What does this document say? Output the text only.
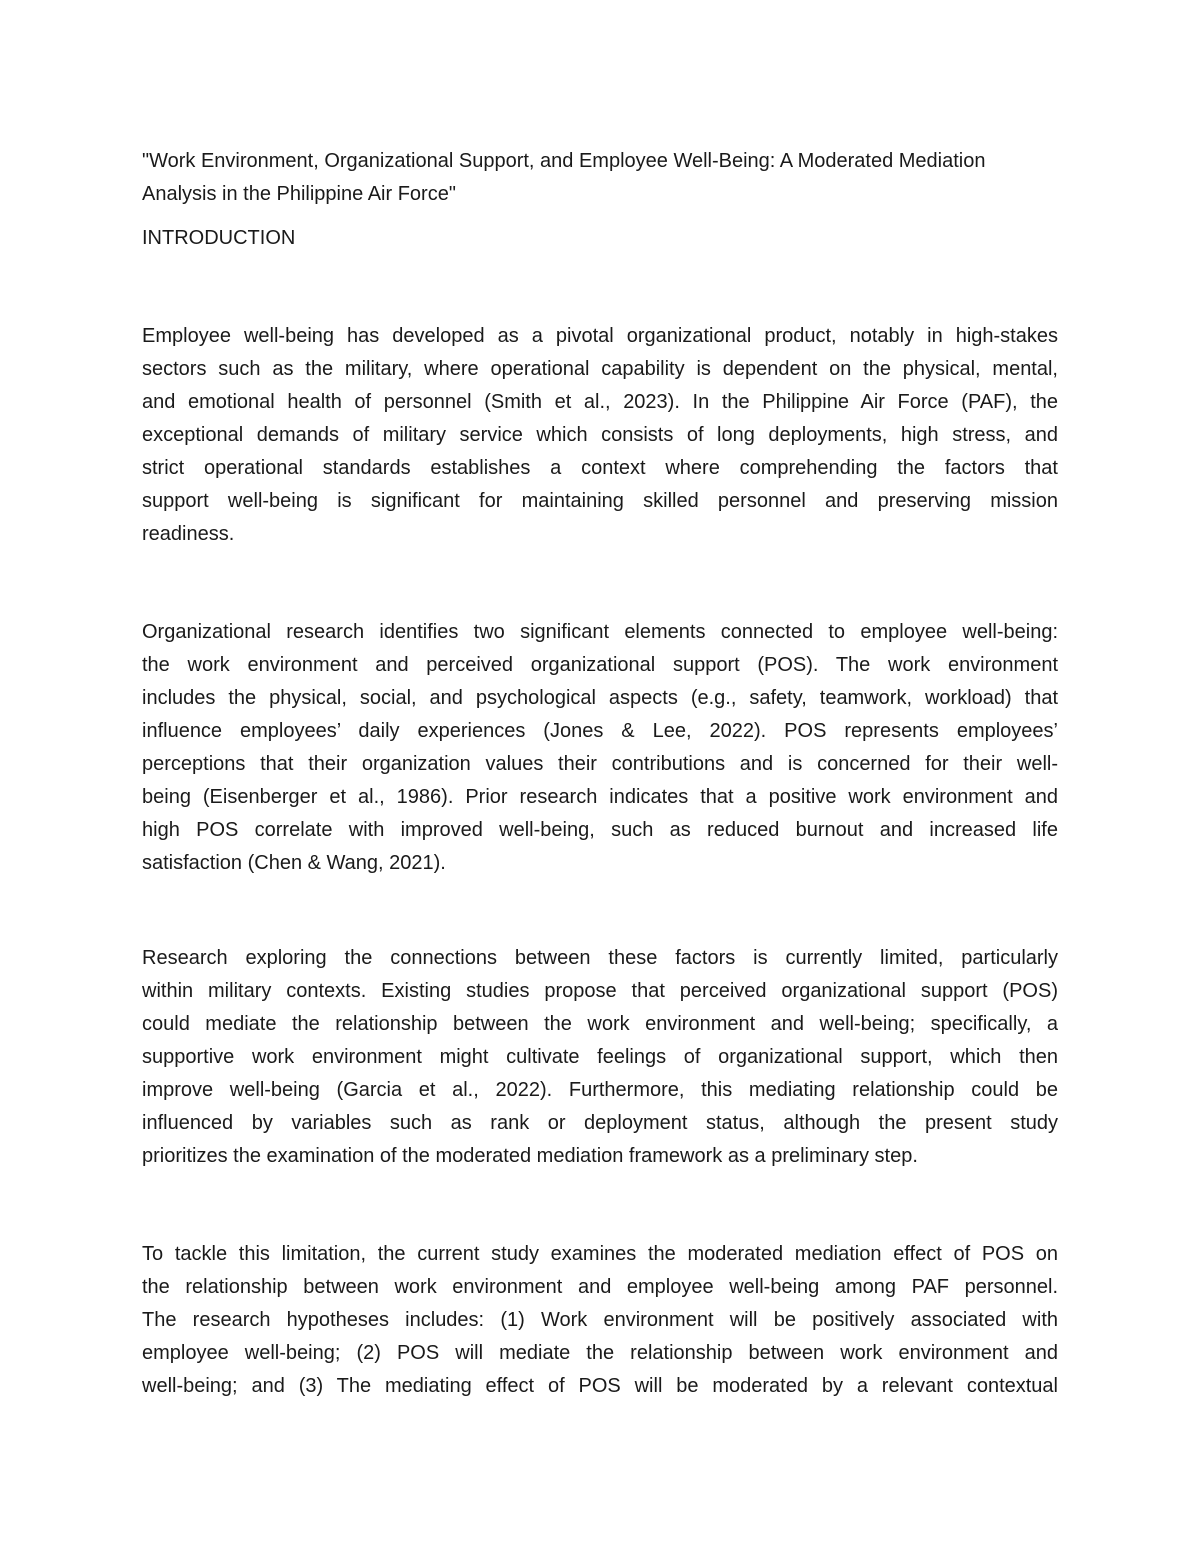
"Work Environment, Organizational Support, and Employee Well-Being: A Moderated Mediation
Analysis in the Philippine Air Force"
INTRODUCTION
Employee well-being has developed as a pivotal organizational product, notably in high-stakes
sectors such as the military, where operational capability is dependent on the physical, mental,
and emotional health of personnel (Smith et al., 2023). In the Philippine Air Force (PAF), the
exceptional demands of military service which consists of long deployments, high stress, and
strict operational standards establishes a context where comprehending the factors that
support well-being is significant for maintaining skilled personnel and preserving mission
readiness.
Organizational research identifies two significant elements connected to employee well-being:
the work environment and perceived organizational support (POS). The work environment
includes the physical, social, and psychological aspects (e.g., safety, teamwork, workload) that
influence employees’ daily experiences (Jones & Lee, 2022). POS represents employees’
perceptions that their organization values their contributions and is concerned for their well-
being (Eisenberger et al., 1986). Prior research indicates that a positive work environment and
high POS correlate with improved well-being, such as reduced burnout and increased life
satisfaction (Chen & Wang, 2021).
Research exploring the connections between these factors is currently limited, particularly
within military contexts. Existing studies propose that perceived organizational support (POS)
could mediate the relationship between the work environment and well-being; specifically, a
supportive work environment might cultivate feelings of organizational support, which then
improve well-being (Garcia et al., 2022). Furthermore, this mediating relationship could be
influenced by variables such as rank or deployment status, although the present study
prioritizes the examination of the moderated mediation framework as a preliminary step.
To tackle this limitation, the current study examines the moderated mediation effect of POS on
the relationship between work environment and employee well-being among PAF personnel.
The research hypotheses includes: (1) Work environment will be positively associated with
employee well-being; (2) POS will mediate the relationship between work environment and
well-being; and (3) The mediating effect of POS will be moderated by a relevant contextual
